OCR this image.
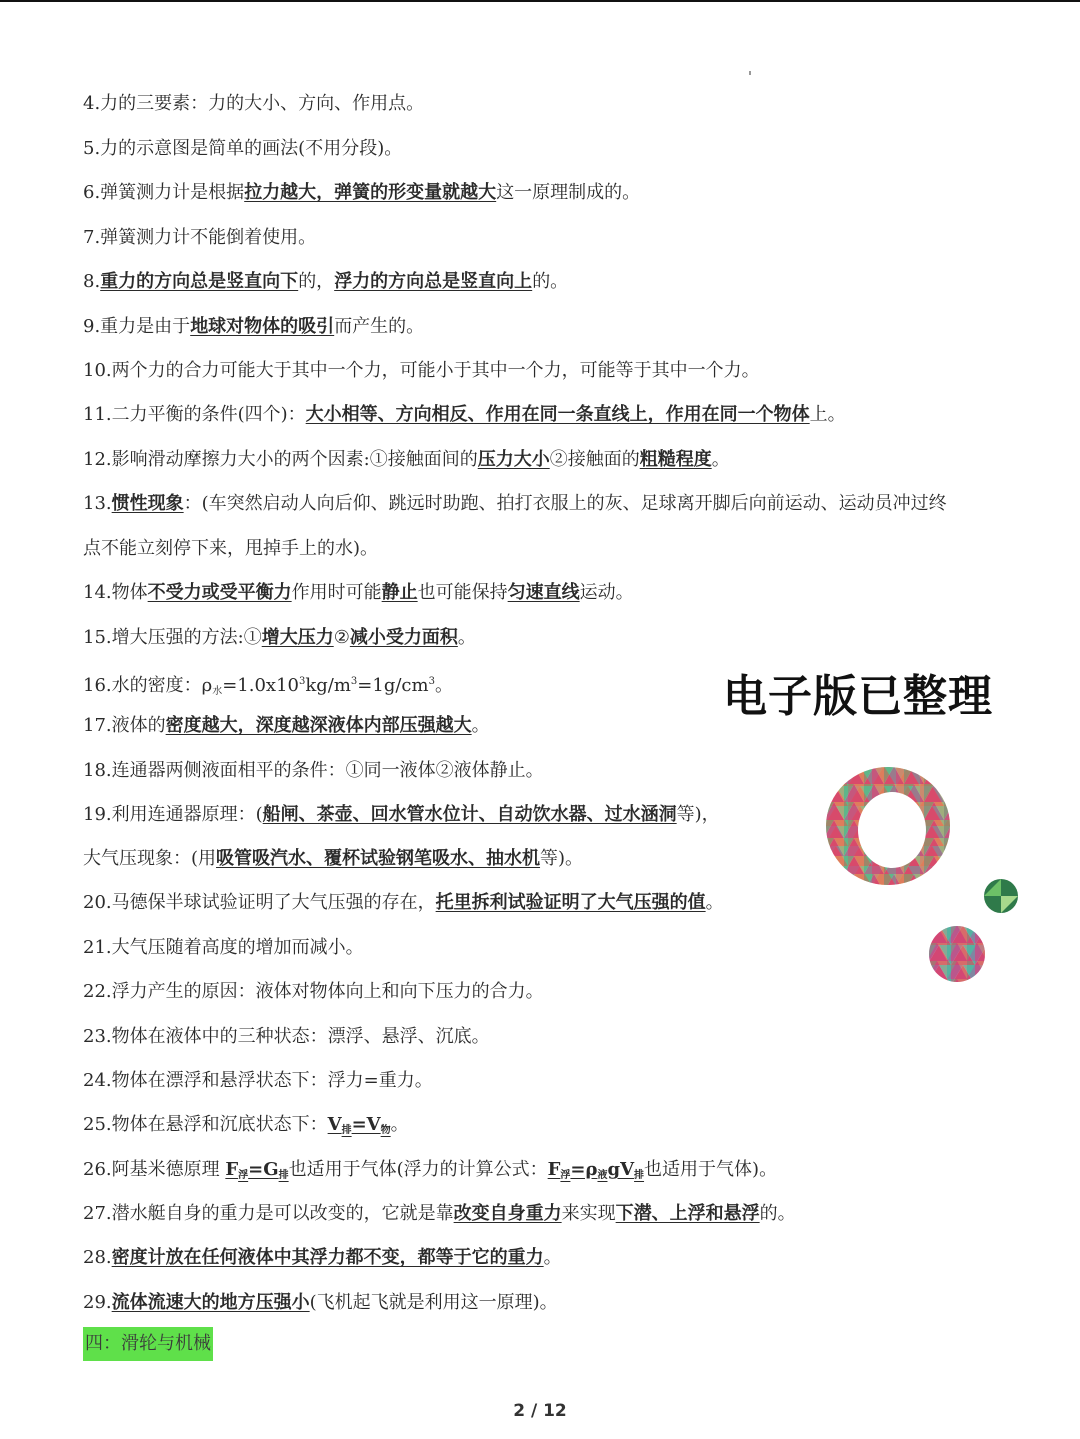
4.力的三要素：力的大小、方向、作用点。
5.力的示意图是简单的画法(不用分段)。
6.弹簧测力计是根据拉力越大，弹簧的形变量就越大这一原理制成的。
7.弹簧测力计不能倒着使用。
8.重力的方向总是竖直向下的，浮力的方向总是竖直向上的。
9.重力是由于地球对物体的吸引而产生的。
10.两个力的合力可能大于其中一个力，可能小于其中一个力，可能等于其中一个力。
11.二力平衡的条件(四个)：大小相等、方向相反、作用在同一条直线上，作用在同一个物体上。
12.影响滑动摩擦力大小的两个因素:①接触面间的压力大小②接触面的粗糙程度。
13.惯性现象：(车突然启动人向后仰、跳远时助跑、拍打衣服上的灰、足球离开脚后向前运动、运动员冲过终
点不能立刻停下来，甩掉手上的水)。
14.物体不受力或受平衡力作用时可能静止也可能保持匀速直线运动。
15.增大压强的方法:①增大压力②减小受力面积。
16.水的密度：$\rho_水=1.0x10^3kg/m^3=1g/cm^3$。
17.液体的密度越大，深度越深液体内部压强越大。
18.连通器两侧液面相平的条件：①同一液体②液体静止。
19.利用连通器原理：(船闸、茶壶、回水管水位计、自动饮水器、过水涵洞等)，
大气压现象：(用吸管吸汽水、覆杯试验钢笔吸水、抽水机等)。
20.马德保半球试验证明了大气压强的存在，托里拆利试验证明了大气压强的值。
21.大气压随着高度的增加而减小。
22.浮力产生的原因：液体对物体向上和向下压力的合力。
23.物体在液体中的三种状态：漂浮、悬浮、沉底。
24.物体在漂浮和悬浮状态下：浮力=重力。
25.物体在悬浮和沉底状态下：$V_排=V_物$。
26.阿基米德原理 $F_浮=G_排$也适用于气体(浮力的计算公式：$F_浮=\rho_液gV_排$也适用于气体)。
27.潜水艇自身的重力是可以改变的，它就是靠改变自身重力来实现下潜、上浮和悬浮的。
28.密度计放在任何液体中其浮力都不变，都等于它的重力。
29.流体流速大的地方压强小(飞机起飞就是利用这一原理)。
四：滑轮与机械
电子版已整理
2 / 12
